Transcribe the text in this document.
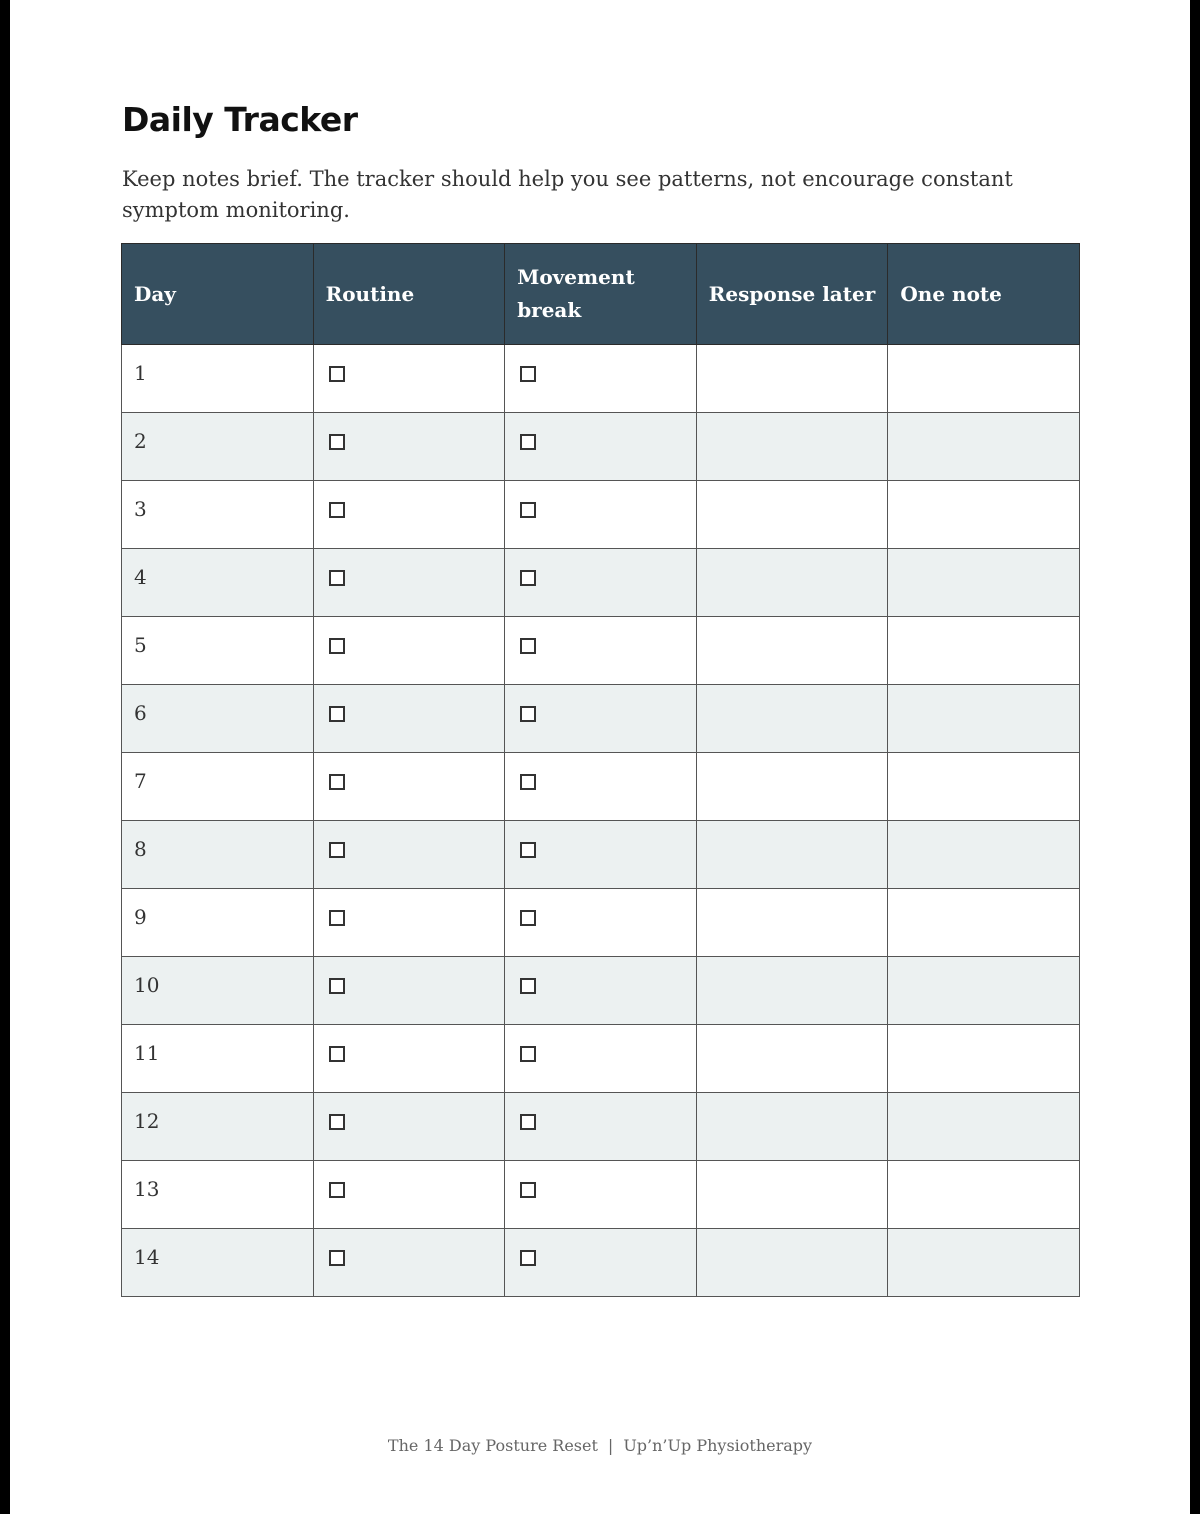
Daily Tracker

Keep notes brief. The tracker should help you see patterns, not encourage constant symptom monitoring.

Day	Routine	Movement break	Response later	One note
1				
2				
3				
4				
5				
6				
7				
8				
9				
10				
11				
12				
13				
14				
The 14 Day Posture Reset | Up’n’Up Physiotherapy
